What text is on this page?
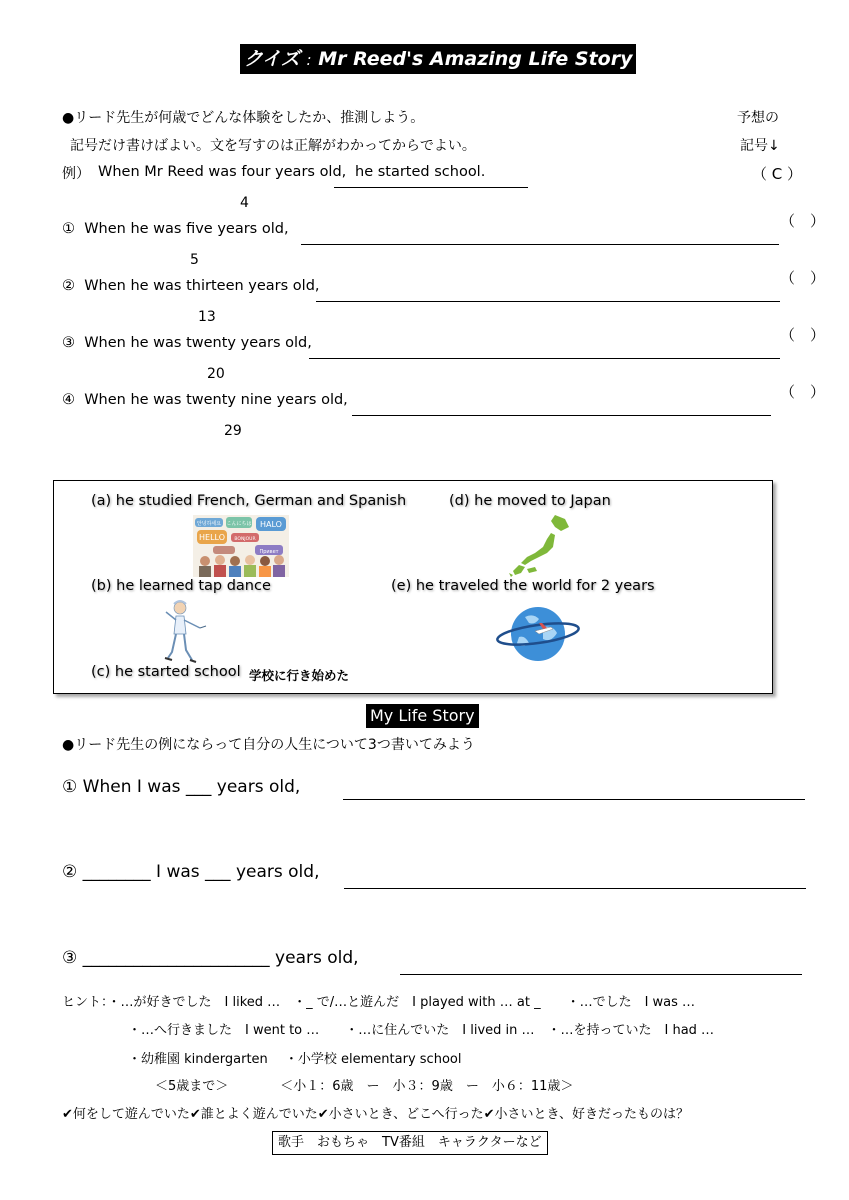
クイズ : Mr Reed's Amazing Life Story
●リード先生が何歳でどんな体験をしたか、推測しよう。
記号だけ書けばよい。文を写すのは正解がわかってからでよい。
予想の
記号↓
例） When Mr Reed was four years old, he started school.	（ C ）
4
① When he was five years old,	（　）
5
② When he was thirteen years old,	（　）
13
③ When he was twenty years old,	（　）
20
④ When he was twenty nine years old,	（　）
29
(a) he studied French, German and Spanish	(d) he moved to Japan
안녕하세요 こんにちは HALO
HELLO BONJOUR
Привет
(b) he learned tap dance	(e) he traveled the world for 2 years
(c) he started school 学校に行き始めた
My Life Story
●リード先生の例にならって自分の人生について3つ書いてみよう
① When I was ___ years old,
② ________ I was ___ years old,
③ ______________________ years old,
ヒント：・…が好きでした　I liked …　・_ で/…と遊んだ　I played with … at _　　・…でした　I was …
・…へ行きました　I went to …　　・…に住んでいた　I lived in …　・…を持っていた　I had …
・幼稚園 kindergarten　 ・小学校 elementary school
＜5歳まで＞　　　　＜小１：6歳　ー　小３：9歳　ー　小６：11歳＞
✔何をして遊んでいた✔誰とよく遊んでいた✔小さいとき、どこへ行った✔小さいとき、好きだったものは？
歌手　おもちゃ　TV番組　キャラクターなど
